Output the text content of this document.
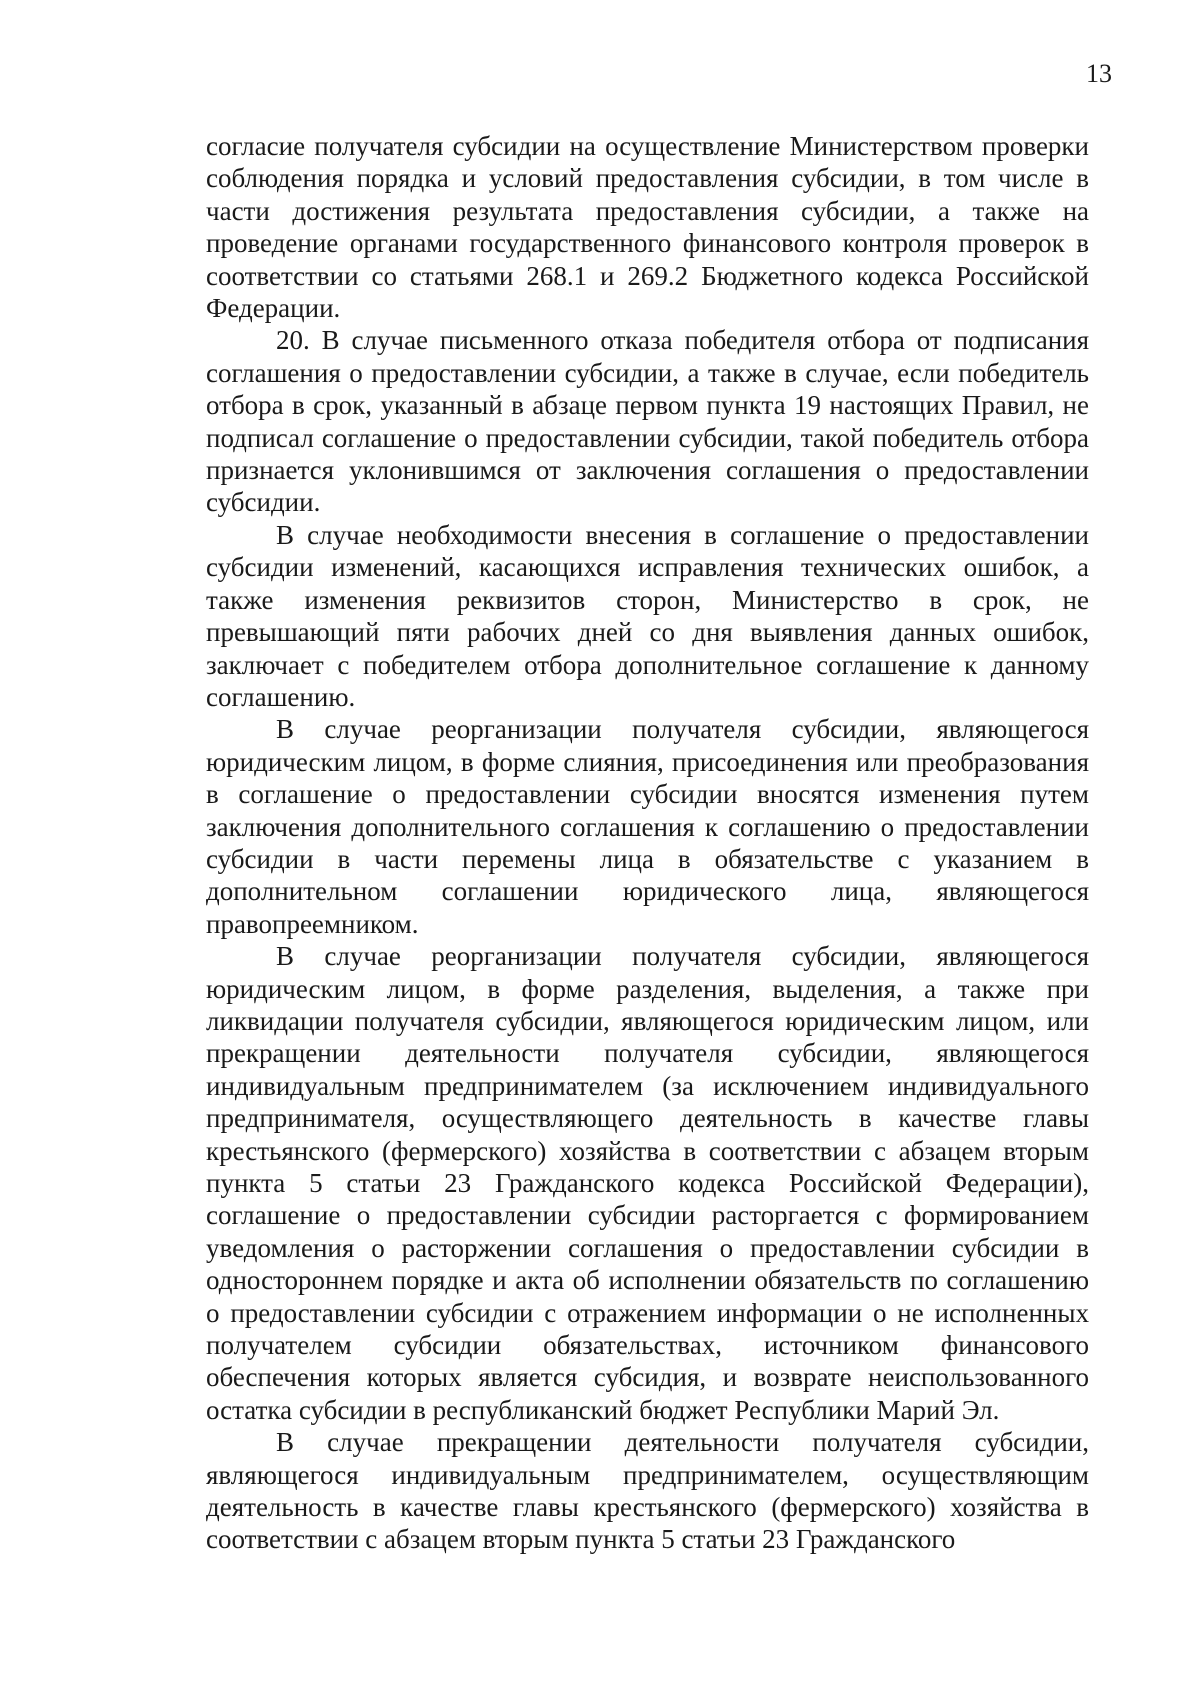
13

согласие получателя субсидии на осуществление Министерством проверки соблюдения порядка и условий предоставления субсидии, в том числе в части достижения результата предоставления субсидии, а также на проведение органами государственного финансового контроля проверок в соответствии со статьями 268.1 и 269.2 Бюджетного кодекса Российской Федерации.

20. В случае письменного отказа победителя отбора от подписания соглашения о предоставлении субсидии, а также в случае, если победитель отбора в срок, указанный в абзаце первом пункта 19 настоящих Правил, не подписал соглашение о предоставлении субсидии, такой победитель отбора признается уклонившимся от заключения соглашения о предоставлении субсидии.

В случае необходимости внесения в соглашение о предоставлении субсидии изменений, касающихся исправления технических ошибок, а также изменения реквизитов сторон, Министерство в срок, не превышающий пяти рабочих дней со дня выявления данных ошибок, заключает с победителем отбора дополнительное соглашение к данному соглашению.

В случае реорганизации получателя субсидии, являющегося юридическим лицом, в форме слияния, присоединения или преобразования в соглашение о предоставлении субсидии вносятся изменения путем заключения дополнительного соглашения к соглашению о предоставлении субсидии в части перемены лица в обязательстве с указанием в дополнительном соглашении юридического лица, являющегося правопреемником.

В случае реорганизации получателя субсидии, являющегося юридическим лицом, в форме разделения, выделения, а также при ликвидации получателя субсидии, являющегося юридическим лицом, или прекращении деятельности получателя субсидии, являющегося индивидуальным предпринимателем (за исключением индивидуального предпринимателя, осуществляющего деятельность в качестве главы крестьянского (фермерского) хозяйства в соответствии с абзацем вторым пункта 5 статьи 23 Гражданского кодекса Российской Федерации), соглашение о предоставлении субсидии расторгается с формированием уведомления о расторжении соглашения о предоставлении субсидии в одностороннем порядке и акта об исполнении обязательств по соглашению о предоставлении субсидии с отражением информации о не исполненных получателем субсидии обязательствах, источником финансового обеспечения которых является субсидия, и возврате неиспользованного остатка субсидии в республиканский бюджет Республики Марий Эл.

В случае прекращении деятельности получателя субсидии, являющегося индивидуальным предпринимателем, осуществляющим деятельность в качестве главы крестьянского (фермерского) хозяйства в соответствии с абзацем вторым пункта 5 статьи 23 Гражданского
